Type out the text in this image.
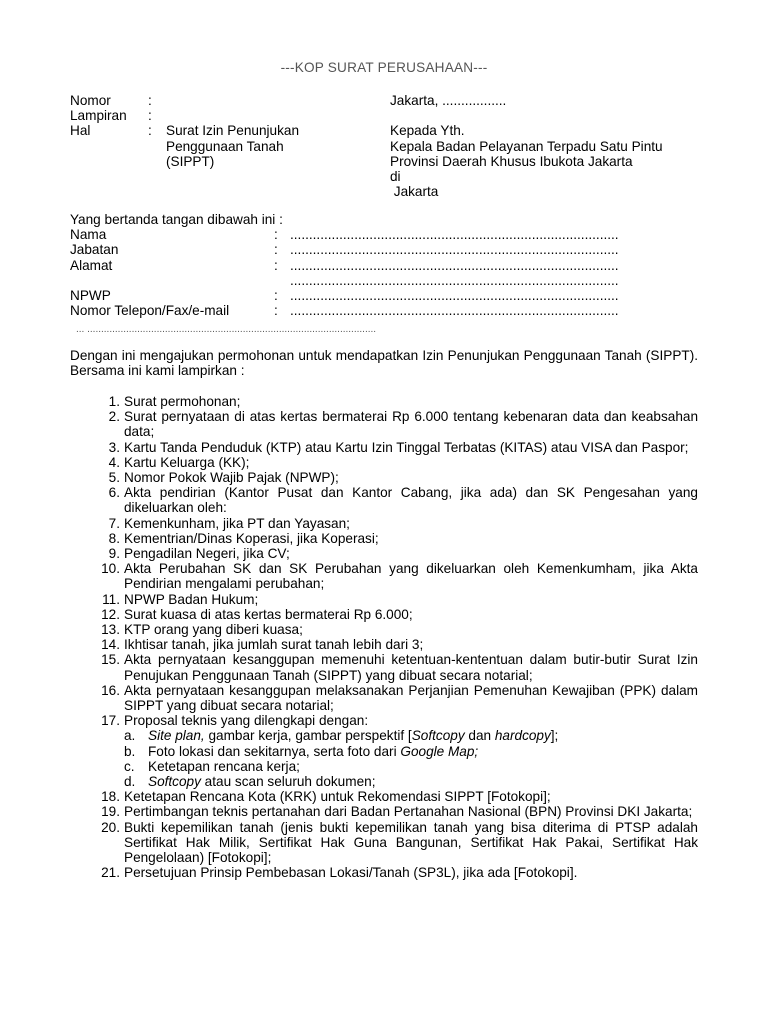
---KOP SURAT PERUSAHAAN---
Nomor	:
Lampiran	:
Hal	:	Surat Izin Penunjukan
Penggunaan Tanah
(SIPPT)
Jakarta, .................
Kepada Yth.
Kepala Badan Pelayanan Terpadu Satu Pintu
Provinsi Daerah Khusus Ibukota Jakarta
di
Jakarta
Yang bertanda tangan dibawah ini :
Nama	: .......................................................................................
Jabatan	: .......................................................................................
Alamat	: .......................................................................................
.......................................................................................
NPWP	: .......................................................................................
Nomor Telepon/Fax/e-mail	: .......................................................................................
... ........................................................................................................
Dengan ini mengajukan permohonan untuk mendapatkan Izin Penunjukan Penggunaan Tanah (SIPPT). Bersama ini kami lampirkan :
1. Surat permohonan;
2. Surat pernyataan di atas kertas bermaterai Rp 6.000 tentang kebenaran data dan keabsahan data;
3. Kartu Tanda Penduduk (KTP) atau Kartu Izin Tinggal Terbatas (KITAS) atau VISA dan Paspor;
4. Kartu Keluarga (KK);
5. Nomor Pokok Wajib Pajak (NPWP);
6. Akta pendirian (Kantor Pusat dan Kantor Cabang, jika ada) dan SK Pengesahan yang dikeluarkan oleh:
7. Kemenkunham, jika PT dan Yayasan;
8. Kementrian/Dinas Koperasi, jika Koperasi;
9. Pengadilan Negeri, jika CV;
10. Akta Perubahan SK dan SK Perubahan yang dikeluarkan oleh Kemenkumham, jika Akta Pendirian mengalami perubahan;
11. NPWP Badan Hukum;
12. Surat kuasa di atas kertas bermaterai Rp 6.000;
13. KTP orang yang diberi kuasa;
14. Ikhtisar tanah, jika jumlah surat tanah lebih dari 3;
15. Akta pernyataan kesanggupan memenuhi ketentuan-kententuan dalam butir-butir Surat Izin Penujukan Penggunaan Tanah (SIPPT) yang dibuat secara notarial;
16. Akta pernyataan kesanggupan melaksanakan Perjanjian Pemenuhan Kewajiban (PPK) dalam SIPPT yang dibuat secara notarial;
17. Proposal teknis yang dilengkapi dengan:
a. Site plan, gambar kerja, gambar perspektif [Softcopy dan hardcopy];
b. Foto lokasi dan sekitarnya, serta foto dari Google Map;
c. Ketetapan rencana kerja;
d. Softcopy atau scan seluruh dokumen;
18. Ketetapan Rencana Kota (KRK) untuk Rekomendasi SIPPT [Fotokopi];
19. Pertimbangan teknis pertanahan dari Badan Pertanahan Nasional (BPN) Provinsi DKI Jakarta;
20. Bukti kepemilikan tanah (jenis bukti kepemilikan tanah yang bisa diterima di PTSP adalah Sertifikat Hak Milik, Sertifikat Hak Guna Bangunan, Sertifikat Hak Pakai, Sertifikat Hak Pengelolaan) [Fotokopi];
21. Persetujuan Prinsip Pembebasan Lokasi/Tanah (SP3L), jika ada [Fotokopi].
